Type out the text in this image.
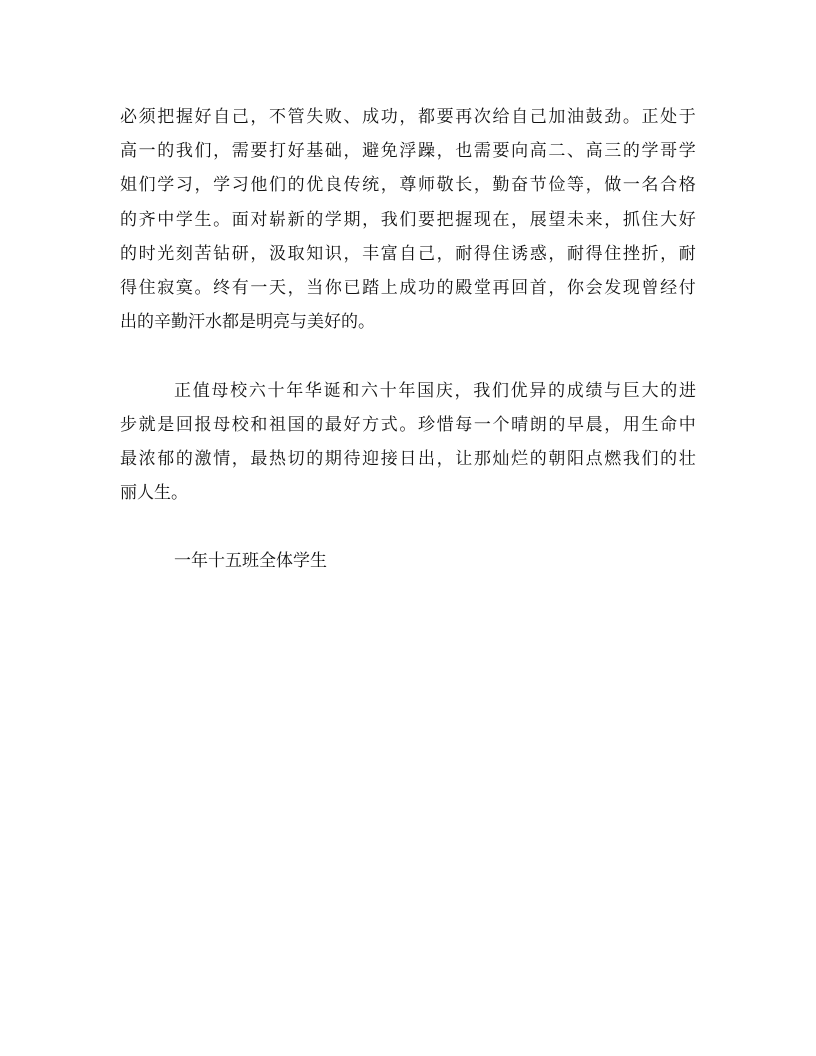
必 须 把 握 好 自 己 ， 不 管 失 败 、 成 功 ， 都 要 再 次 给 自 己 加 油 鼓 劲 。 正 处 于
高 一 的 我 们 ， 需 要 打 好 基 础 ， 避 免 浮 躁 ， 也 需 要 向 高 二 、 高 三 的 学 哥 学
姐 们 学 习 ， 学 习 他 们 的 优 良 传 统 ， 尊 师 敬 长 ， 勤 奋 节 俭 等 ， 做 一 名 合 格
的 齐 中 学 生 。 面 对 崭 新 的 学 期 ， 我 们 要 把 握 现 在 ， 展 望 未 来 ， 抓 住 大 好
的 时 光 刻 苦 钻 研 ， 汲 取 知 识 ， 丰 富 自 己 ， 耐 得 住 诱 惑 ， 耐 得 住 挫 折 ， 耐
得 住 寂 寞 。 终 有 一 天 ， 当 你 已 踏 上 成 功 的 殿 堂 再 回 首 ， 你 会 发 现 曾 经 付
出的辛勤汗水都是明亮与美好的。
正 值 母 校 六 十 年 华 诞 和 六 十 年 国 庆 ， 我 们 优 异 的 成 绩 与 巨 大 的 进
步 就 是 回 报 母 校 和 祖 国 的 最 好 方 式 。 珍 惜 每 一 个 晴 朗 的 早 晨 ， 用 生 命 中
最 浓 郁 的 激 情 ， 最 热 切 的 期 待 迎 接 日 出 ， 让 那 灿 烂 的 朝 阳 点 燃 我 们 的 壮
丽人生。
一年十五班全体学生
